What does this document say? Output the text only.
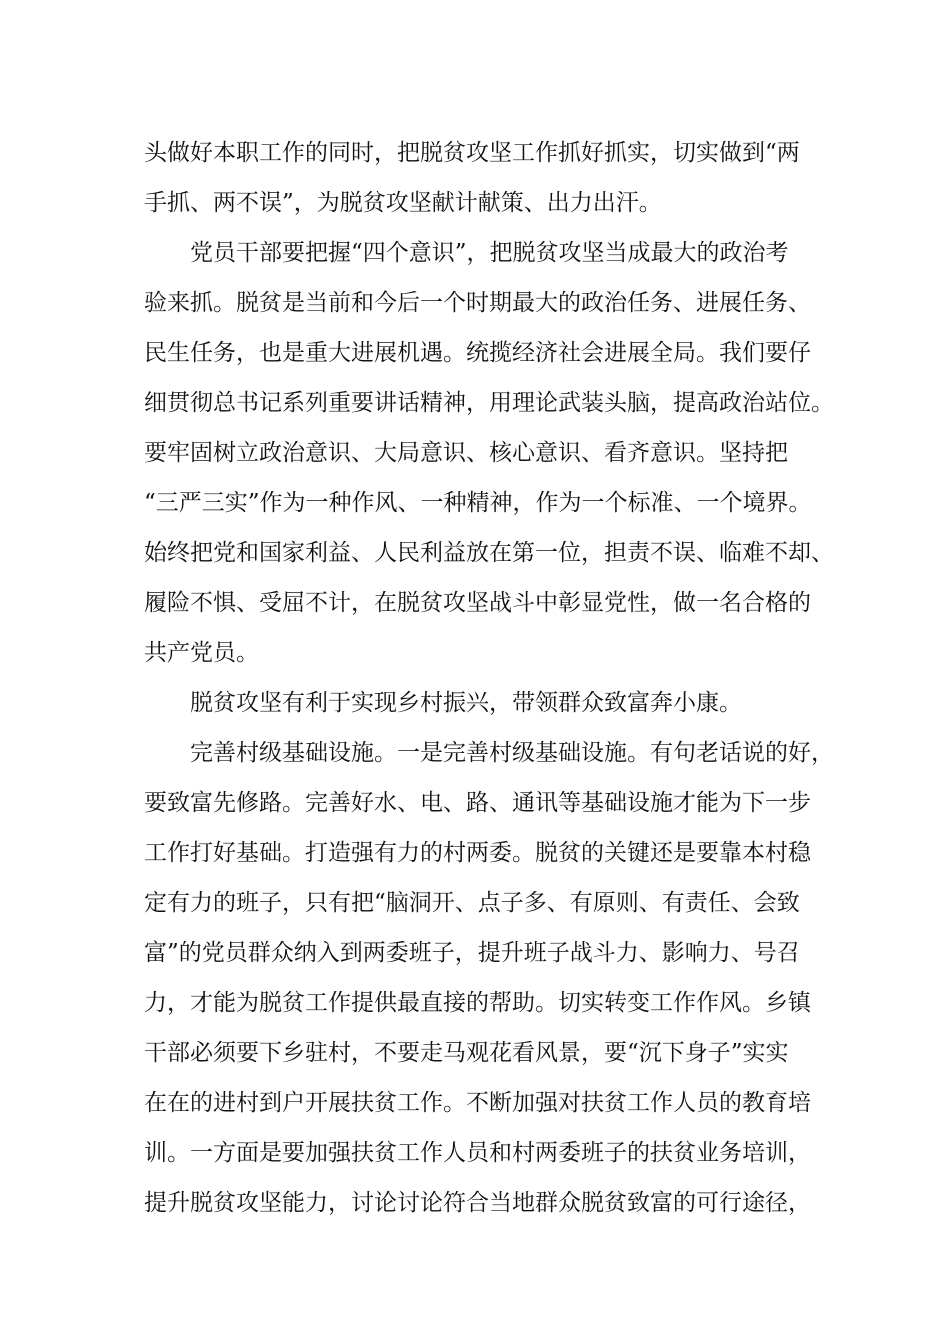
头做好本职工作的同时，把脱贫攻坚工作抓好抓实，切实做到“两
手抓、两不误”，为脱贫攻坚献计献策、出力出汗。
党员干部要把握“四个意识”，把脱贫攻坚当成最大的政治考
验来抓。脱贫是当前和今后一个时期最大的政治任务、进展任务、
民生任务，也是重大进展机遇。统揽经济社会进展全局。我们要仔
细贯彻总书记系列重要讲话精神，用理论武装头脑，提高政治站位。
要牢固树立政治意识、大局意识、核心意识、看齐意识。坚持把
“三严三实”作为一种作风、一种精神，作为一个标准、一个境界。
始终把党和国家利益、人民利益放在第一位，担责不误、临难不却、
履险不惧、受屈不计，在脱贫攻坚战斗中彰显党性，做一名合格的
共产党员。
脱贫攻坚有利于实现乡村振兴，带领群众致富奔小康。
完善村级基础设施。一是完善村级基础设施。有句老话说的好，
要致富先修路。完善好水、电、路、通讯等基础设施才能为下一步
工作打好基础。打造强有力的村两委。脱贫的关键还是要靠本村稳
定有力的班子，只有把“脑洞开、点子多、有原则、有责任、会致
富”的党员群众纳入到两委班子，提升班子战斗力、影响力、号召
力，才能为脱贫工作提供最直接的帮助。切实转变工作作风。乡镇
干部必须要下乡驻村，不要走马观花看风景，要“沉下身子”实实
在在的进村到户开展扶贫工作。不断加强对扶贫工作人员的教育培
训。一方面是要加强扶贫工作人员和村两委班子的扶贫业务培训，
提升脱贫攻坚能力，讨论讨论符合当地群众脱贫致富的可行途径，
